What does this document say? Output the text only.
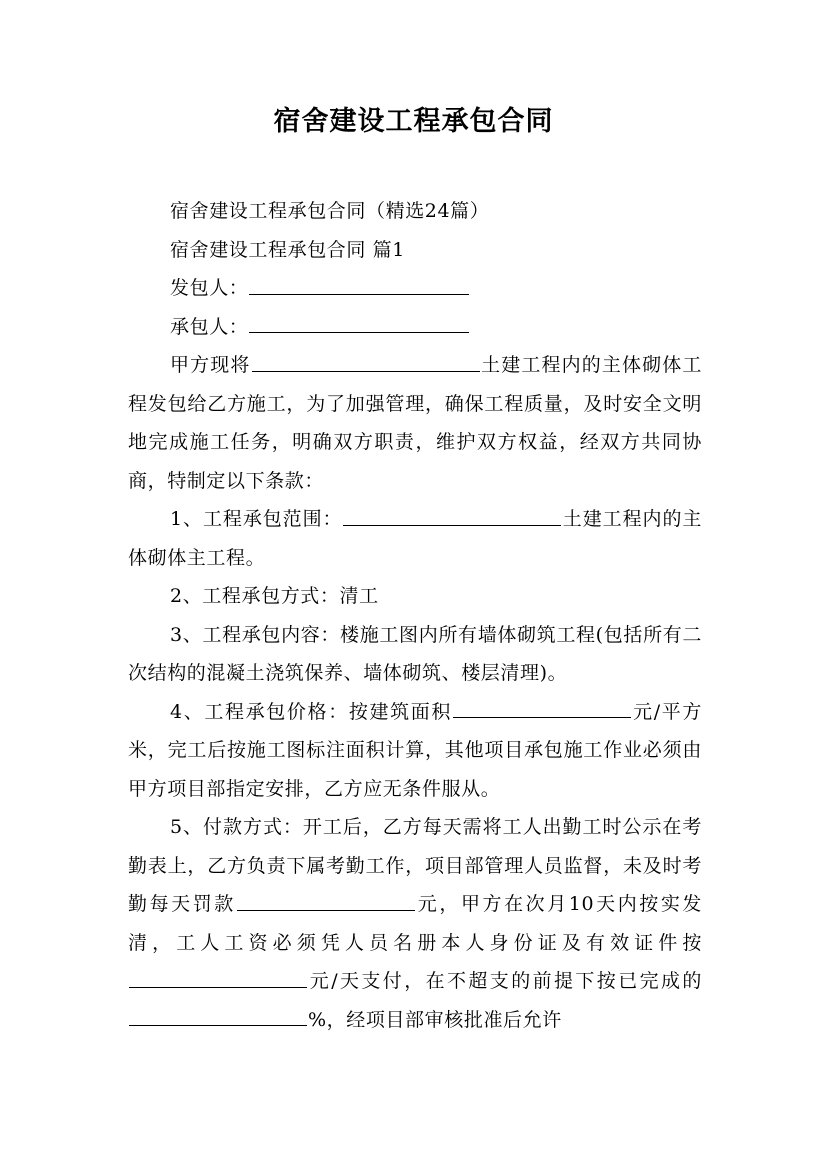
宿舍建设工程承包合同

宿舍建设工程承包合同（精选24篇）

宿舍建设工程承包合同 篇1

发包人：

承包人：

甲方现将	土建工程内的主体砌体工程发包给乙方施工，为了加强管理，确保工程质量，及时安全文明地完成施工任务，明确双方职责，维护双方权益，经双方共同协商，特制定以下条款：

1、工程承包范围：	土建工程内的主体砌体主工程。

2、工程承包方式：清工

3、工程承包内容：楼施工图内所有墙体砌筑工程(包括所有二次结构的混凝土浇筑保养、墙体砌筑、楼层清理)。

4、工程承包价格：按建筑面积	元/平方米，完工后按施工图标注面积计算，其他项目承包施工作业必须由甲方项目部指定安排，乙方应无条件服从。

5、付款方式：开工后，乙方每天需将工人出勤工时公示在考勤表上，乙方负责下属考勤工作，项目部管理人员监督，未及时考勤每天罚款	元，甲方在次月10天内按实发清，工人工资必须凭人员名册本人身份证及有效证件按元/天支付，在不超支的前提下按已完成的%，经项目部审核批准后允许
